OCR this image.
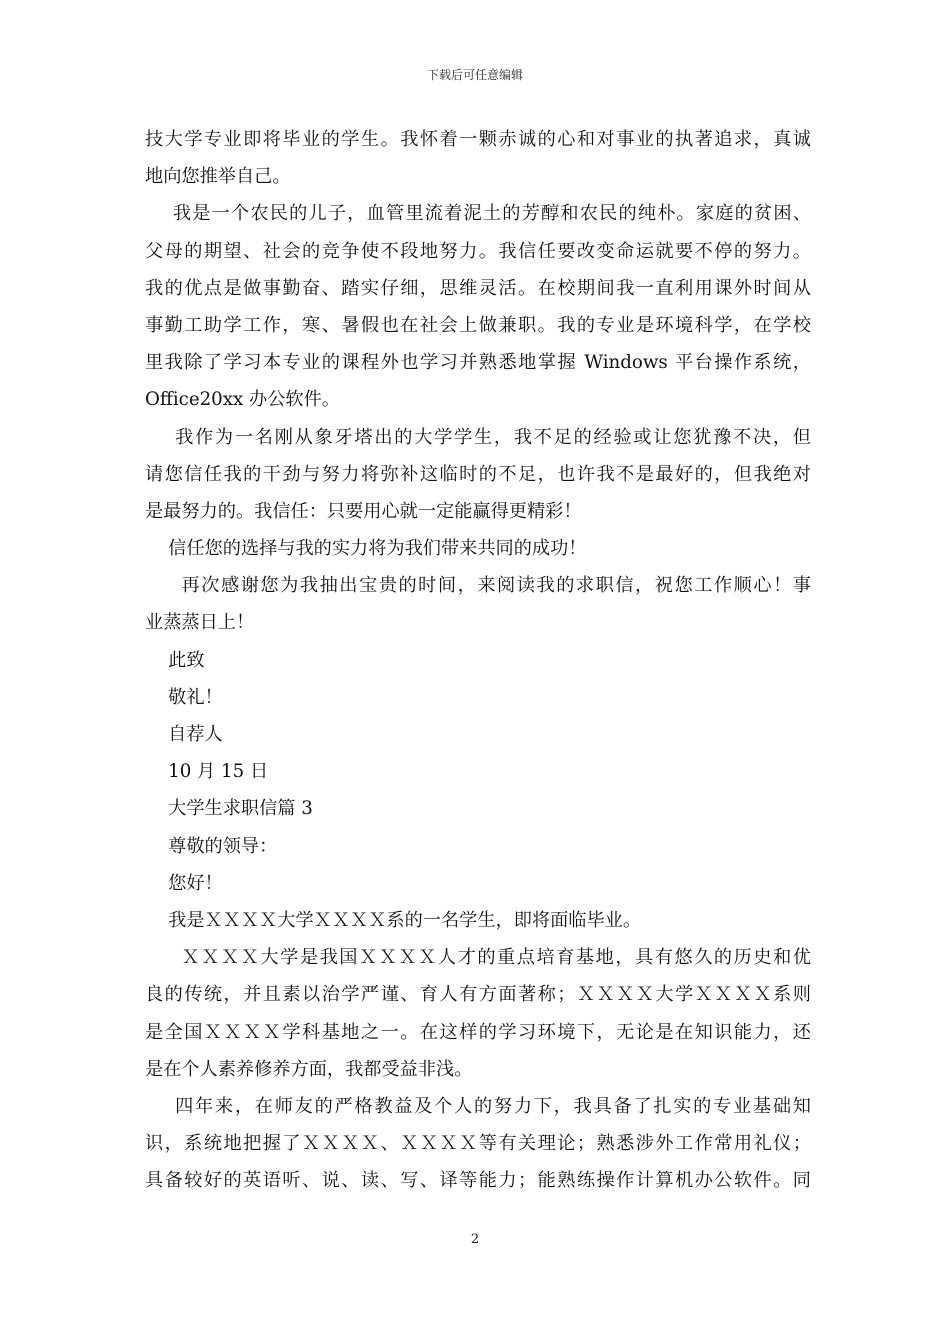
下载后可任意编辑
技大学专业即将毕业的学生。我怀着一颗赤诚的心和对事业的执著追求，真诚
地向您推举自己。
我是一个农民的儿子，血管里流着泥土的芳醇和农民的纯朴。家庭的贫困、
父母的期望、社会的竞争使不段地努力。我信任要改变命运就要不停的努力。
我的优点是做事勤奋、踏实仔细，思维灵活。在校期间我一直利用课外时间从
事勤工助学工作，寒、暑假也在社会上做兼职。我的专业是环境科学，在学校
里我除了学习本专业的课程外也学习并熟悉地掌握 Windows 平台操作系统，
Office20xx 办公软件。
我作为一名刚从象牙塔出的大学学生，我不足的经验或让您犹豫不决，但
请您信任我的干劲与努力将弥补这临时的不足，也许我不是最好的，但我绝对
是最努力的。我信任：只要用心就一定能赢得更精彩！
信任您的选择与我的实力将为我们带来共同的成功！
再次感谢您为我抽出宝贵的时间，来阅读我的求职信，祝您工作顺心！事
业蒸蒸日上！
此致
敬礼！
自荐人
10 月 15 日
大学生求职信篇 3
尊敬的领导：
您好！
我是ＸＸＸＸ大学ＸＸＸＸ系的一名学生，即将面临毕业。
ＸＸＸＸ大学是我国ＸＸＸＸ人才的重点培育基地，具有悠久的历史和优
良的传统，并且素以治学严谨、育人有方面著称；ＸＸＸＸ大学ＸＸＸＸ系则
是全国ＸＸＸＸ学科基地之一。在这样的学习环境下，无论是在知识能力，还
是在个人素养修养方面，我都受益非浅。
四年来，在师友的严格教益及个人的努力下，我具备了扎实的专业基础知
识，系统地把握了ＸＸＸＸ、ＸＸＸＸ等有关理论；熟悉涉外工作常用礼仪；
具备较好的英语听、说、读、写、译等能力；能熟练操作计算机办公软件。同
2
